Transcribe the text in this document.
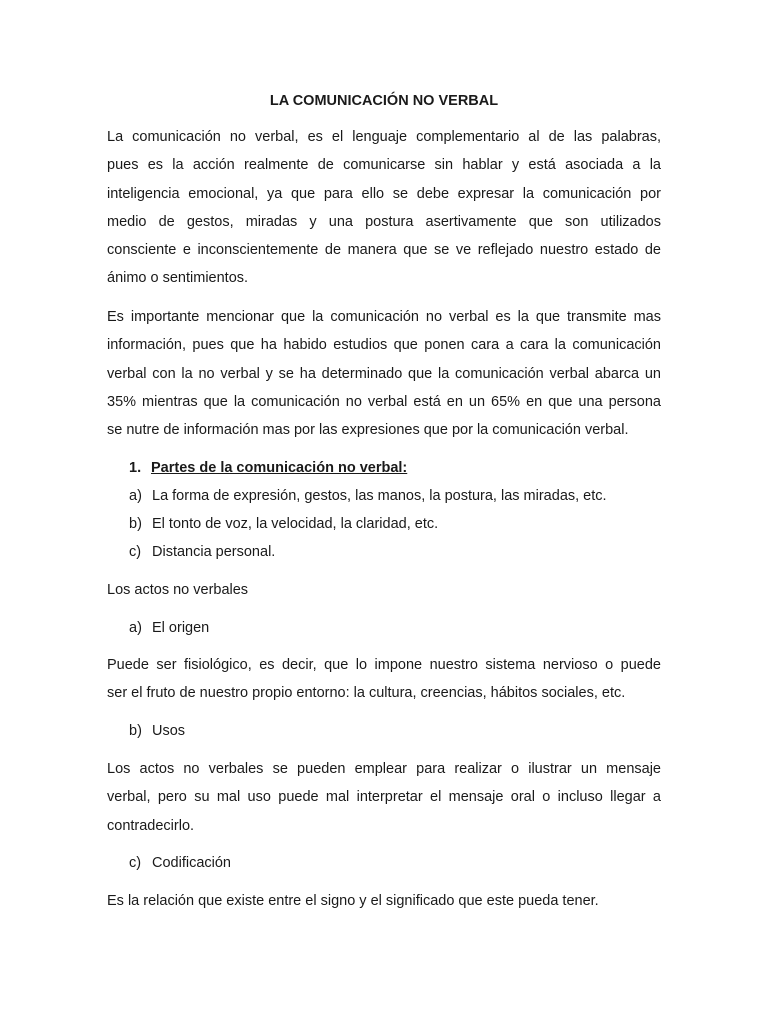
LA COMUNICACIÓN NO VERBAL
La comunicación no verbal, es el lenguaje complementario al de las palabras,
pues es la acción realmente de comunicarse sin hablar y está asociada a la
inteligencia emocional, ya que para ello se debe expresar la comunicación por
medio de gestos, miradas y una postura asertivamente que son utilizados
consciente e inconscientemente de manera que se ve reflejado nuestro estado de
ánimo o sentimientos.
Es importante mencionar que la comunicación no verbal es la que transmite mas
información, pues que ha habido estudios que ponen cara a cara la comunicación
verbal con la no verbal y se ha determinado que la comunicación verbal abarca un
35% mientras que la comunicación no verbal está en un 65% en que una persona
se nutre de información mas por las expresiones que por la comunicación verbal.
1. Partes de la comunicación no verbal:
a) La forma de expresión, gestos, las manos, la postura, las miradas, etc.
b) El tonto de voz, la velocidad, la claridad, etc.
c) Distancia personal.
Los actos no verbales
a) El origen
Puede ser fisiológico, es decir, que lo impone nuestro sistema nervioso o puede
ser el fruto de nuestro propio entorno: la cultura, creencias, hábitos sociales, etc.
b) Usos
Los actos no verbales se pueden emplear para realizar o ilustrar un mensaje
verbal, pero su mal uso puede mal interpretar el mensaje oral o incluso llegar a
contradecirlo.
c) Codificación
Es la relación que existe entre el signo y el significado que este pueda tener.
